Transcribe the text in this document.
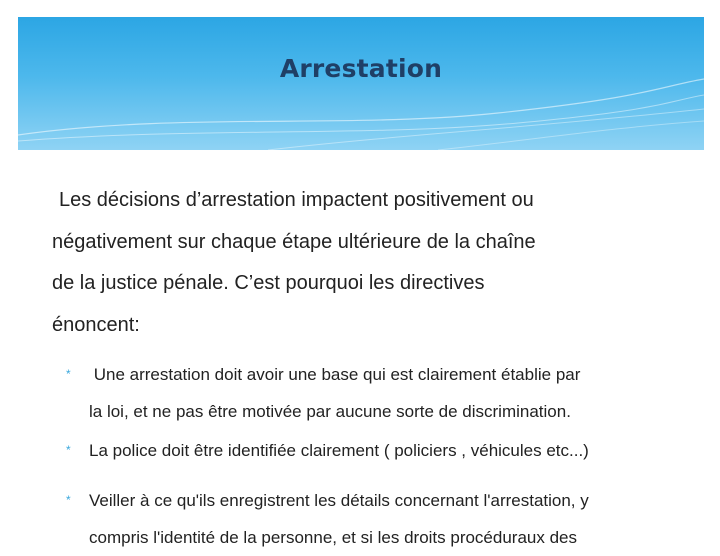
Arrestation
Les décisions d’arrestation impactent positivement ou
négativement sur chaque étape ultérieure de la chaîne
de la justice pénale. C’est pourquoi les directives
énoncent:
* Une arrestation doit avoir une base qui est clairement établie par
la loi, et ne pas être motivée par aucune sorte de discrimination.
* La police doit être identifiée clairement ( policiers , véhicules etc...)
* Veiller à ce qu'ils enregistrent les détails concernant l'arrestation, y
compris l'identité de la personne, et si les droits procéduraux des
